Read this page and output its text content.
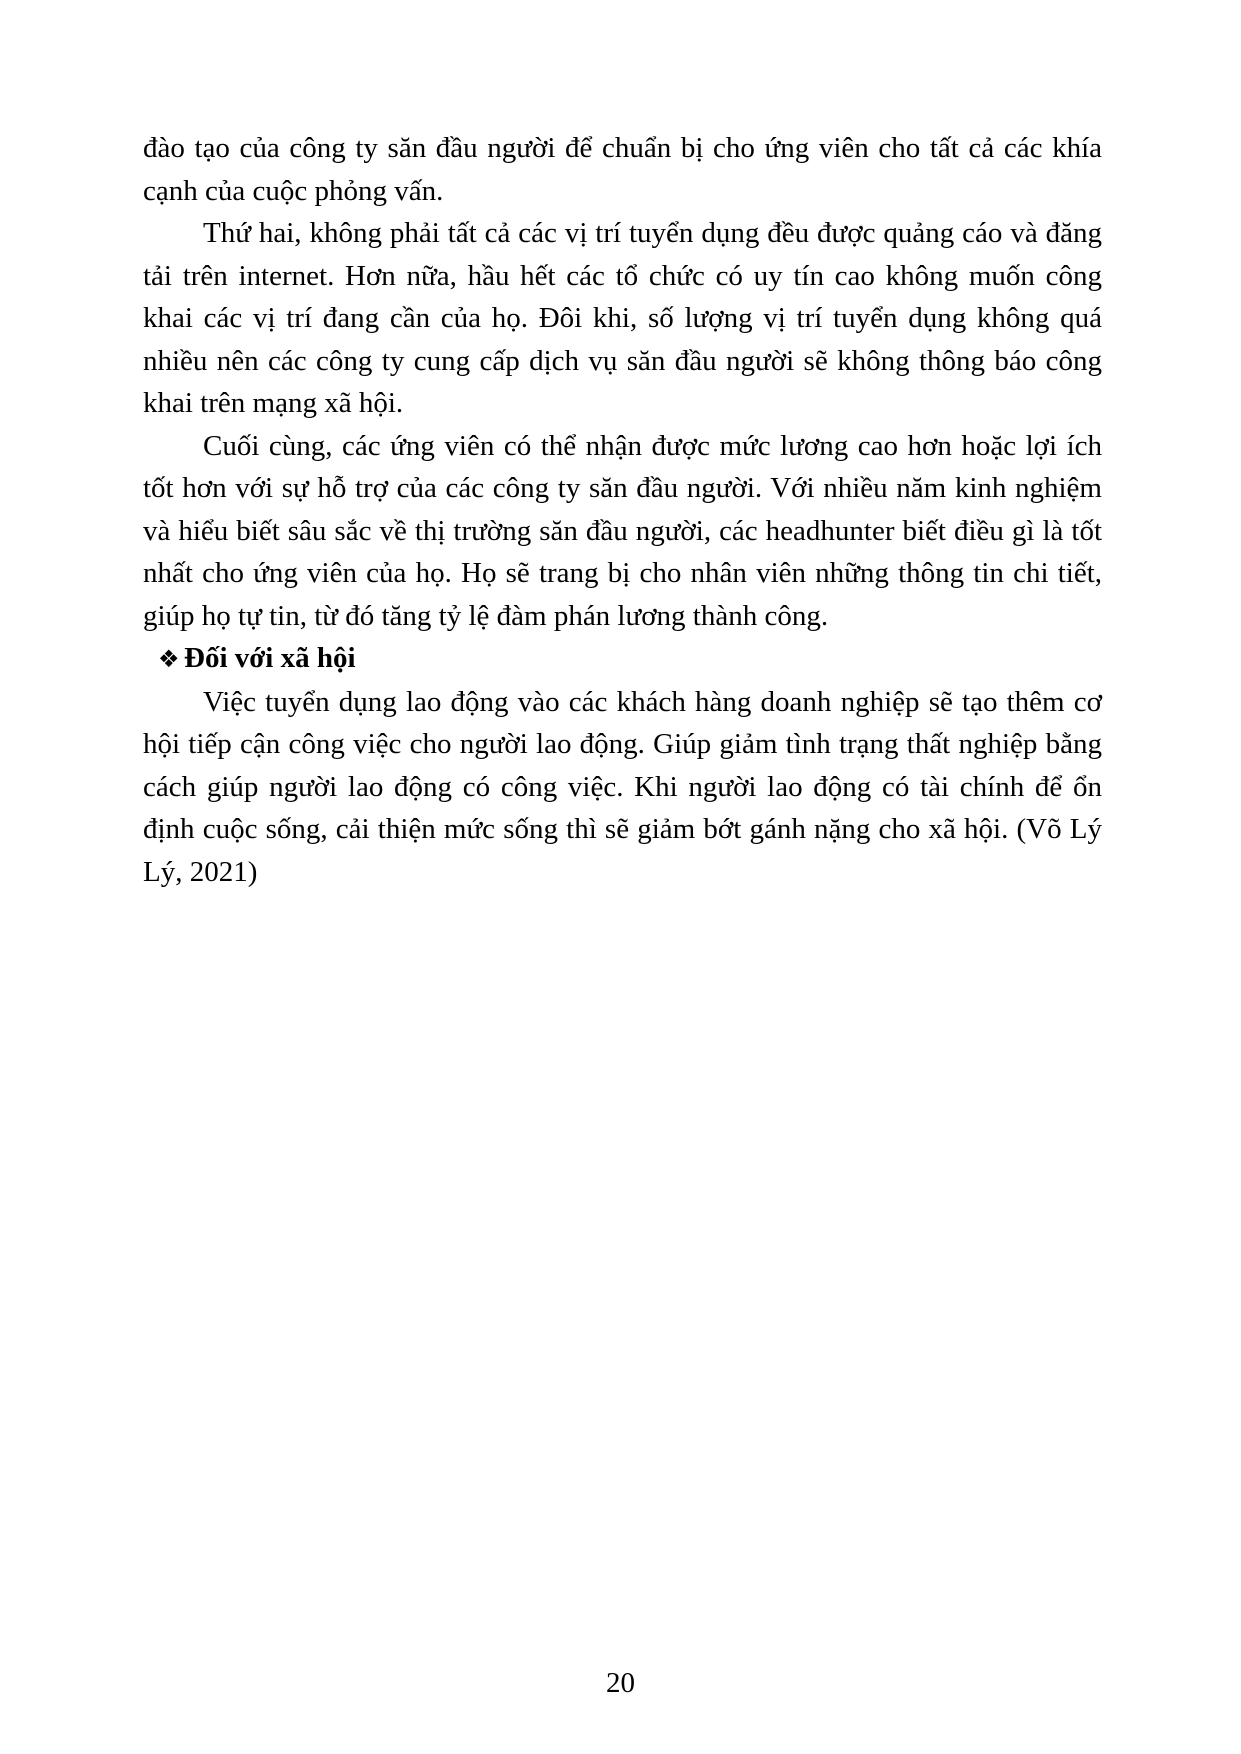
đào tạo của công ty săn đầu người để chuẩn bị cho ứng viên cho tất cả các khía cạnh của cuộc phỏng vấn.

Thứ hai, không phải tất cả các vị trí tuyển dụng đều được quảng cáo và đăng tải trên internet. Hơn nữa, hầu hết các tổ chức có uy tín cao không muốn công khai các vị trí đang cần của họ. Đôi khi, số lượng vị trí tuyển dụng không quá nhiều nên các công ty cung cấp dịch vụ săn đầu người sẽ không thông báo công khai trên mạng xã hội.

Cuối cùng, các ứng viên có thể nhận được mức lương cao hơn hoặc lợi ích tốt hơn với sự hỗ trợ của các công ty săn đầu người. Với nhiều năm kinh nghiệm và hiểu biết sâu sắc về thị trường săn đầu người, các headhunter biết điều gì là tốt nhất cho ứng viên của họ. Họ sẽ trang bị cho nhân viên những thông tin chi tiết, giúp họ tự tin, từ đó tăng tỷ lệ đàm phán lương thành công.

❖ Đối với xã hội

Việc tuyển dụng lao động vào các khách hàng doanh nghiệp sẽ tạo thêm cơ hội tiếp cận công việc cho người lao động. Giúp giảm tình trạng thất nghiệp bằng cách giúp người lao động có công việc. Khi người lao động có tài chính để ổn định cuộc sống, cải thiện mức sống thì sẽ giảm bớt gánh nặng cho xã hội. (Võ Lý Lý, 2021)

20
